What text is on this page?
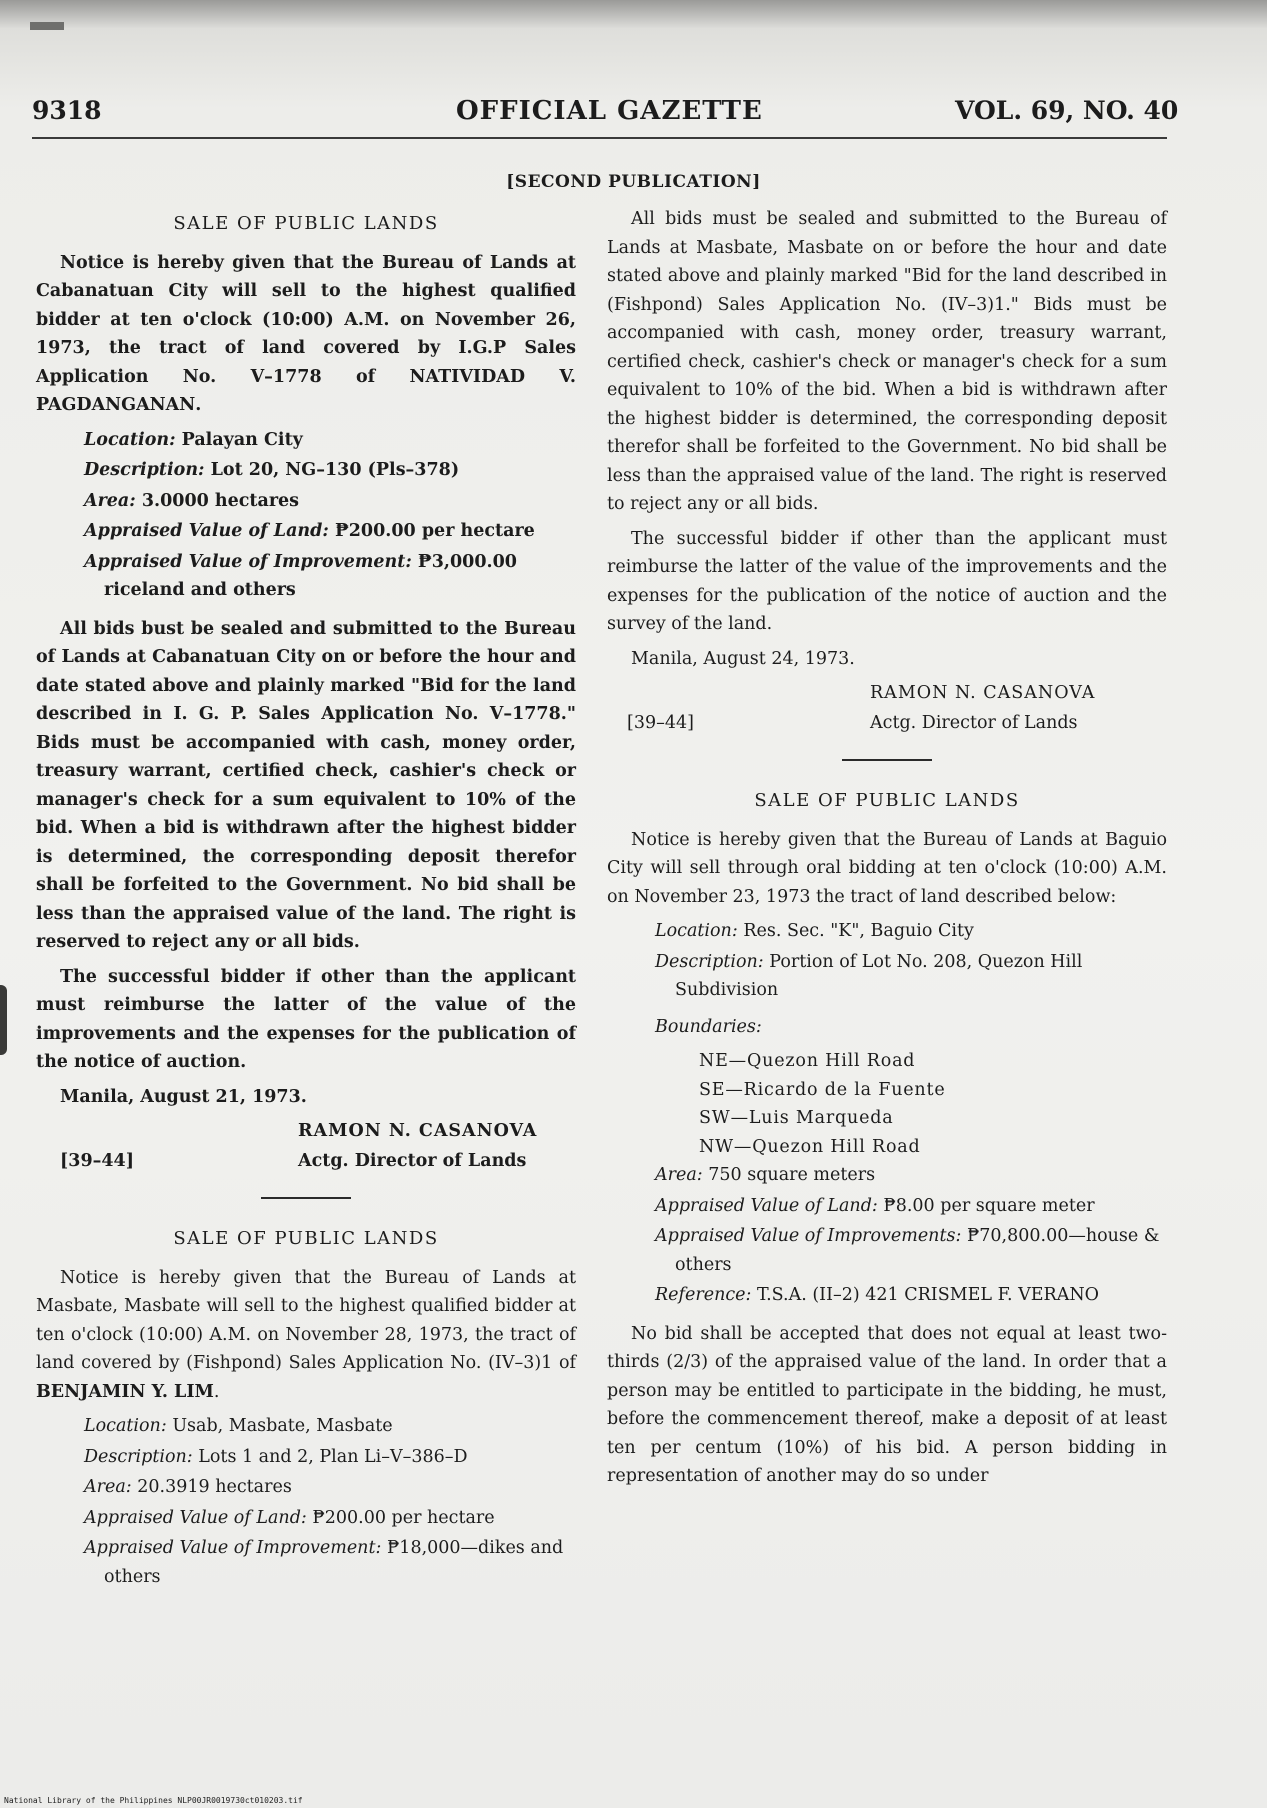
9318	OFFICIAL GAZETTE	VOL. 69, NO. 40
[SECOND PUBLICATION]
SALE OF PUBLIC LANDS

Notice is hereby given that the Bureau of Lands at Cabanatuan City will sell to the highest qualified bidder at ten o'clock (10:00) A.M. on November 26, 1973, the tract of land covered by I.G.P Sales Application No. V–1778 of NATIVIDAD V. PAGDANGANAN.

Location: Palayan City
Description: Lot 20, NG–130 (Pls–378)
Area: 3.0000 hectares
Appraised Value of Land: ₱200.00 per hectare
Appraised Value of Improvement: ₱3,000.00 riceland and others

All bids bust be sealed and submitted to the Bureau of Lands at Cabanatuan City on or before the hour and date stated above and plainly marked "Bid for the land described in I. G. P. Sales Application No. V–1778." Bids must be accompanied with cash, money order, treasury warrant, certified check, cashier's check or manager's check for a sum equivalent to 10% of the bid. When a bid is withdrawn after the highest bidder is determined, the corresponding deposit therefor shall be forfeited to the Government. No bid shall be less than the appraised value of the land. The right is reserved to reject any or all bids.

The successful bidder if other than the applicant must reimburse the latter of the value of the improvements and the expenses for the publication of the notice of auction.

Manila, August 21, 1973.
RAMON N. CASANOVA
[39–44]	Actg. Director of Lands
SALE OF PUBLIC LANDS

Notice is hereby given that the Bureau of Lands at Masbate, Masbate will sell to the highest qualified bidder at ten o'clock (10:00) A.M. on November 28, 1973, the tract of land covered by (Fishpond) Sales Application No. (IV–3)1 of BENJAMIN Y. LIM.

Location: Usab, Masbate, Masbate
Description: Lots 1 and 2, Plan Li–V–386–D
Area: 20.3919 hectares
Appraised Value of Land: ₱200.00 per hectare
Appraised Value of Improvement: ₱18,000—dikes and others

All bids must be sealed and submitted to the Bureau of Lands at Masbate, Masbate on or before the hour and date stated above and plainly marked "Bid for the land described in (Fishpond) Sales Application No. (IV–3)1." Bids must be accompanied with cash, money order, treasury warrant, certified check, cashier's check or manager's check for a sum equivalent to 10% of the bid. When a bid is withdrawn after the highest bidder is determined, the corresponding deposit therefor shall be forfeited to the Government. No bid shall be less than the appraised value of the land. The right is reserved to reject any or all bids.

The successful bidder if other than the applicant must reimburse the latter of the value of the improvements and the expenses for the publication of the notice of auction and the survey of the land.

Manila, August 24, 1973.
RAMON N. CASANOVA
[39–44]	Actg. Director of Lands
SALE OF PUBLIC LANDS

Notice is hereby given that the Bureau of Lands at Baguio City will sell through oral bidding at ten o'clock (10:00) A.M. on November 23, 1973 the tract of land described below:

Location: Res. Sec. "K", Baguio City
Description: Portion of Lot No. 208, Quezon Hill Subdivision
Boundaries:
NE—Quezon Hill Road
SE—Ricardo de la Fuente
SW—Luis Marqueda
NW—Quezon Hill Road
Area: 750 square meters
Appraised Value of Land: ₱8.00 per square meter
Appraised Value of Improvements: ₱70,800.00—house & others
Reference: T.S.A. (II–2) 421 CRISMEL F. VERANO

No bid shall be accepted that does not equal at least two-thirds (2/3) of the appraised value of the land. In order that a person may be entitled to participate in the bidding, he must, before the commencement thereof, make a deposit of at least ten per centum (10%) of his bid. A person bidding in representation of another may do so under

National Library of the Philippines NLP00JR0019730ct010203.tif
